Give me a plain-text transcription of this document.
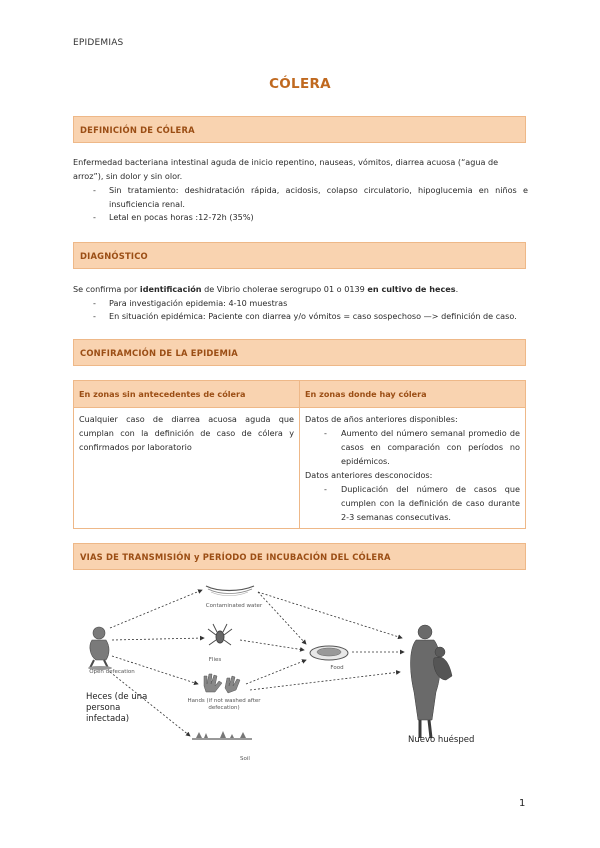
EPIDEMIAS
CÓLERA
DEFINICIÓN DE CÓLERA
Enfermedad bacteriana intestinal aguda de inicio repentino, nauseas, vómitos, diarrea acuosa (“agua de arroz”), sin dolor y sin olor.
- Sin tratamiento: deshidratación rápida, acidosis, colapso circulatorio, hipoglucemia en niños e insuficiencia renal.
- Letal en pocas horas :12-72h (35%)
DIAGNÓSTICO
Se confirma por identificación de Vibrio cholerae serogrupo 01 o 0139 en cultivo de heces.
- Para investigación epidemia: 4-10 muestras
- En situación epidémica: Paciente con diarrea y/o vómitos = caso sospechoso —> definición de caso.
CONFIRAMCIÓN DE LA EPIDEMIA
En zonas sin antecedentes de cólera	En zonas donde hay cólera
Cualquier caso de diarrea acuosa aguda que cumplan con la definición de caso de cólera y confirmados por laboratorio	Datos de años anteriores disponibles:
- Aumento del número semanal promedio de casos en comparación con períodos no epidémicos.
Datos anteriores desconocidos:
- Duplicación del número de casos que cumplen con la definición de caso durante 2-3 semanas consecutivas.
VIAS DE TRANSMISIÓN y PERÍODO DE INCUBACIÓN DEL CÓLERA
Contaminated water
Flies
Open defecation
Hands (if not washed after defecation)
Food
Soil
Heces (de una persona infectada)
Nuevo huésped
1
